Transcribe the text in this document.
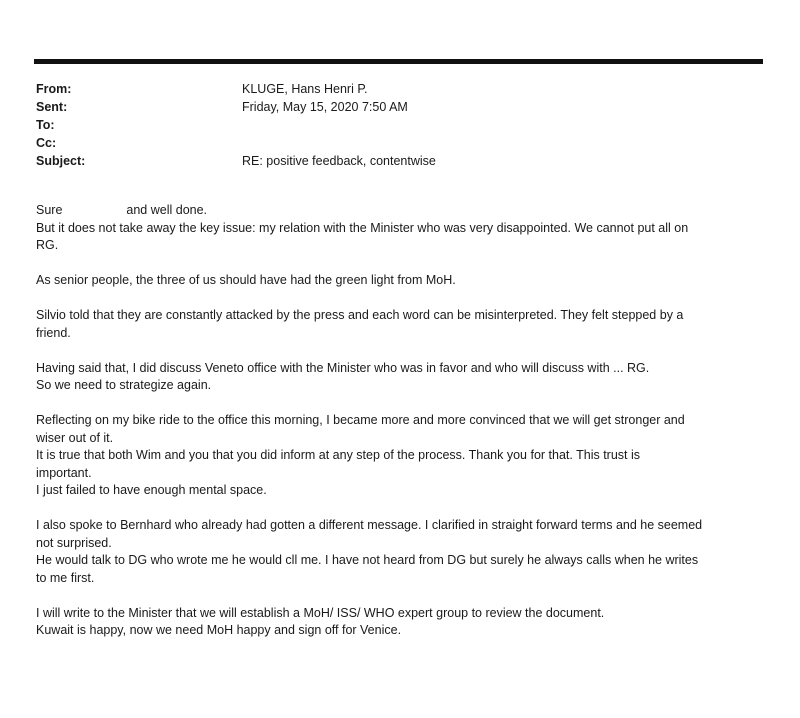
From:	KLUGE, Hans Henri P.
Sent:	Friday, May 15, 2020 7:50 AM
To:
Cc:
Subject:	RE: positive feedback, contentwise

Sure	and well done.
But it does not take away the key issue: my relation with the Minister who was very disappointed. We cannot put all on
RG.

As senior people, the three of us should have had the green light from MoH.

Silvio told that they are constantly attacked by the press and each word can be misinterpreted. They felt stepped by a
friend.

Having said that, I did discuss Veneto office with the Minister who was in favor and who will discuss with ... RG.
So we need to strategize again.

Reflecting on my bike ride to the office this morning, I became more and more convinced that we will get stronger and
wiser out of it.
It is true that both Wim and you that you did inform at any step of the process. Thank you for that. This trust is
important.
I just failed to have enough mental space.

I also spoke to Bernhard who already had gotten a different message. I clarified in straight forward terms and he seemed
not surprised.
He would talk to DG who wrote me he would cll me. I have not heard from DG but surely he always calls when he writes
to me first.

I will write to the Minister that we will establish a MoH/ ISS/ WHO expert group to review the document.
Kuwait is happy, now we need MoH happy and sign off for Venice.
